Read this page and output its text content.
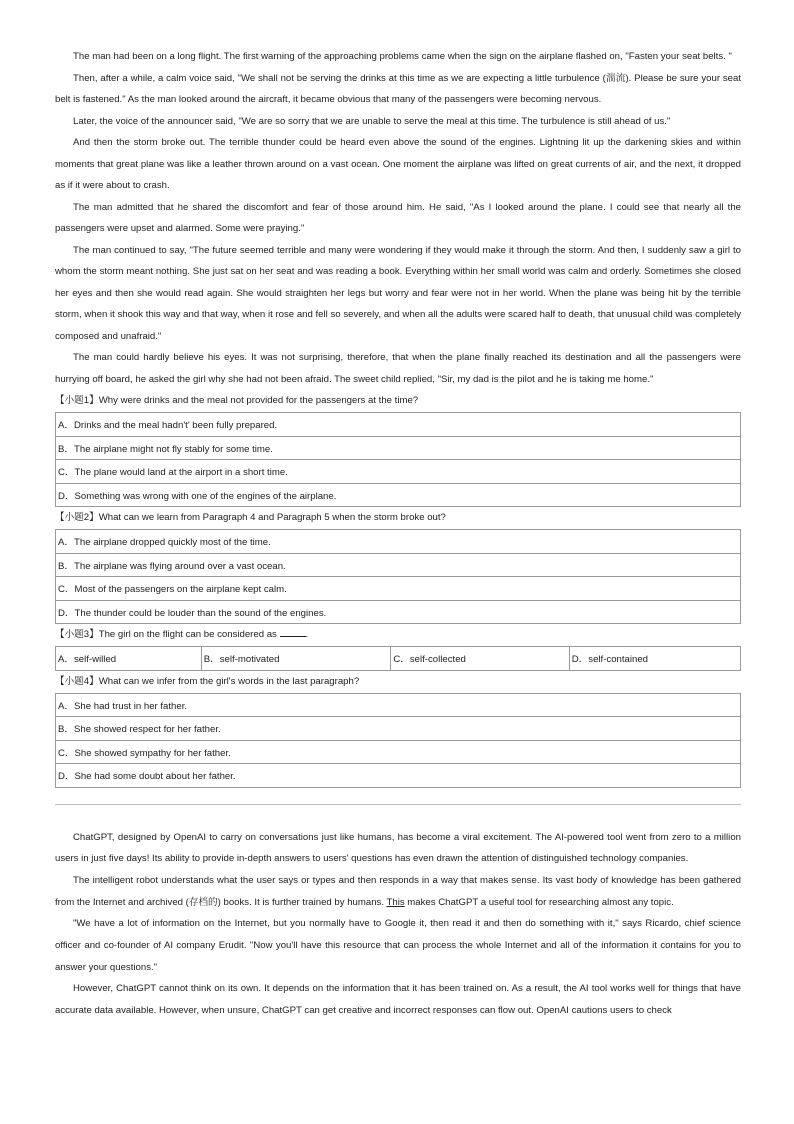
The man had been on a long flight. The first warning of the approaching problems came when the sign on the airplane flashed on, "Fasten your seat belts. "

Then, after a while, a calm voice said, "We shall not be serving the drinks at this time as we are expecting a little turbulence (湍流). Please be sure your seat belt is fastened." As the man looked around the aircraft, it became obvious that many of the passengers were becoming nervous.

Later, the voice of the announcer said, "We are so sorry that we are unable to serve the meal at this time. The turbulence is still ahead of us."

And then the storm broke out. The terrible thunder could be heard even above the sound of the engines. Lightning lit up the darkening skies and within moments that great plane was like a leather thrown around on a vast ocean. One moment the airplane was lifted on great currents of air, and the next, it dropped as if it were about to crash.

The man admitted that he shared the discomfort and fear of those around him. He said, "As I looked around the plane. I could see that nearly all the passengers were upset and alarmed. Some were praying."

The man continued to say, "The future seemed terrible and many were wondering if they would make it through the storm. And then, I suddenly saw a girl to whom the storm meant nothing. She just sat on her seat and was reading a book. Everything within her small world was calm and orderly. Sometimes she closed her eyes and then she would read again. She would straighten her legs but worry and fear were not in her world. When the plane was being hit by the terrible storm, when it shook this way and that way, when it rose and fell so severely, and when all the adults were scared half to death, that unusual child was completely composed and unafraid."

The man could hardly believe his eyes. It was not surprising, therefore, that when the plane finally reached its destination and all the passengers were hurrying off board, he asked the girl why she had not been afraid. The sweet child replied, "Sir, my dad is the pilot and he is taking me home."

【小题1】Why were drinks and the meal not provided for the passengers at the time?

A．Drinks and the meal hadn't' been fully prepared.
B．The airplane might not fly stably for some time.
C．The plane would land at the airport in a short time.
D．Something was wrong with one of the engines of the airplane.

【小题2】What can we learn from Paragraph 4 and Paragraph 5 when the storm broke out?

A．The airplane dropped quickly most of the time.
B．The airplane was flying around over a vast ocean.
C．Most of the passengers on the airplane kept calm.
D．The thunder could be louder than the sound of the engines.

【小题3】The girl on the flight can be considered as	.

A．self-willed	B．self-motivated	C．self-collected	D．self-contained

【小题4】What can we infer from the girl's words in the last paragraph?

A．She had trust in her father.
B．She showed respect for her father.
C．She showed sympathy for her father.
D．She had some doubt about her father.

ChatGPT, designed by OpenAI to carry on conversations just like humans, has become a viral excitement. The AI-powered tool went from zero to a million users in just five days! Its ability to provide in-depth answers to users' questions has even drawn the attention of distinguished technology companies.

The intelligent robot understands what the user says or types and then responds in a way that makes sense. Its vast body of knowledge has been gathered from the Internet and archived (存档的) books. It is further trained by humans. This makes ChatGPT a useful tool for researching almost any topic.

"We have a lot of information on the Internet, but you normally have to Google it, then read it and then do something with it," says Ricardo, chief science officer and co-founder of AI company Erudit. "Now you'll have this resource that can process the whole Internet and all of the information it contains for you to answer your questions."

However, ChatGPT cannot think on its own. It depends on the information that it has been trained on. As a result, the AI tool works well for things that have accurate data available. However, when unsure, ChatGPT can get creative and incorrect responses can flow out. OpenAI cautions users to check
